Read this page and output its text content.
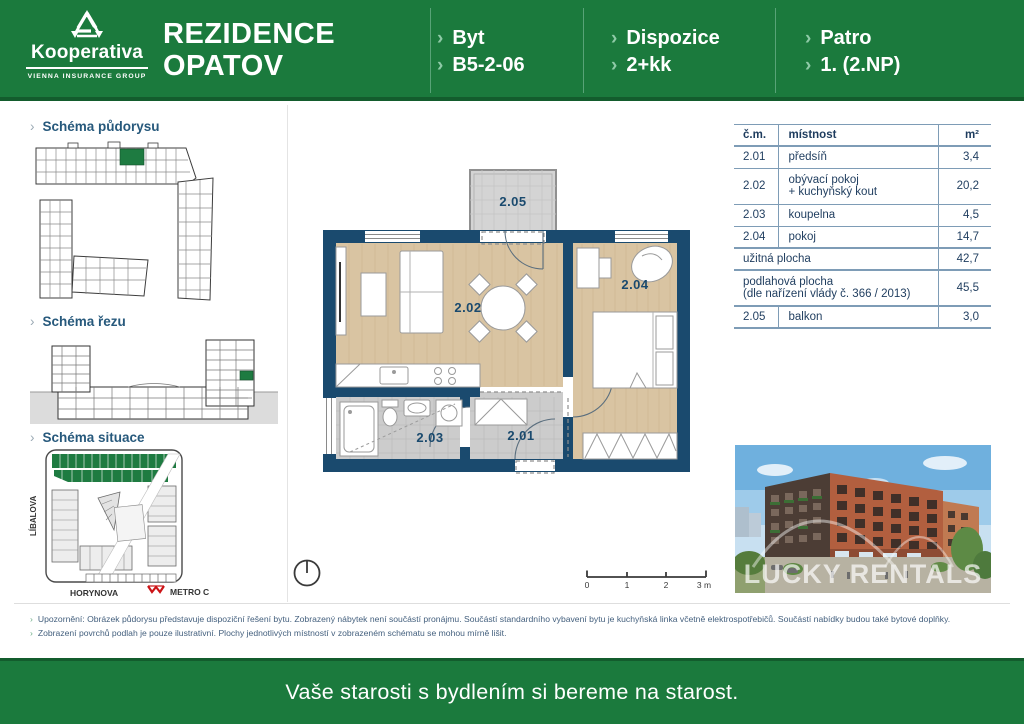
Kooperativa
VIENNA INSURANCE GROUP
REZIDENCE
OPATOV
› Byt
› B5-2-06
› Dispozice
› 2+kk
› Patro
› 1. (2.NP)
› Schéma půdorysu
› Schéma řezu
› Schéma situace
LÍBALOVA
HORYNOVA	METRO C
2.05
2.02
2.04
2.03	2.01
0	1	2	3 m
č.m.	místnost	m²
2.01	předsíň	3,4
2.02	obývací pokoj
+ kuchyňský kout	20,2
2.03	koupelna	4,5
2.04	pokoj	14,7
užitná plocha		42,7

podlahová plocha
(dle nařízení vlády č. 366 / 2013)		45,5
2.05	balkon	3,0
LUCKY RENTALS
› Upozornění: Obrázek půdorysu představuje dispoziční řešení bytu. Zobrazený nábytek není součástí pronájmu. Součástí standardního vybavení bytu je kuchyňská linka včetně elektrospotřebičů. Součástí nabídky budou také bytové doplňky.
› Zobrazení povrchů podlah je pouze ilustrativní. Plochy jednotlivých místností v zobrazeném schématu se mohou mírně lišit.
Vaše starosti s bydlením si bereme na starost.
